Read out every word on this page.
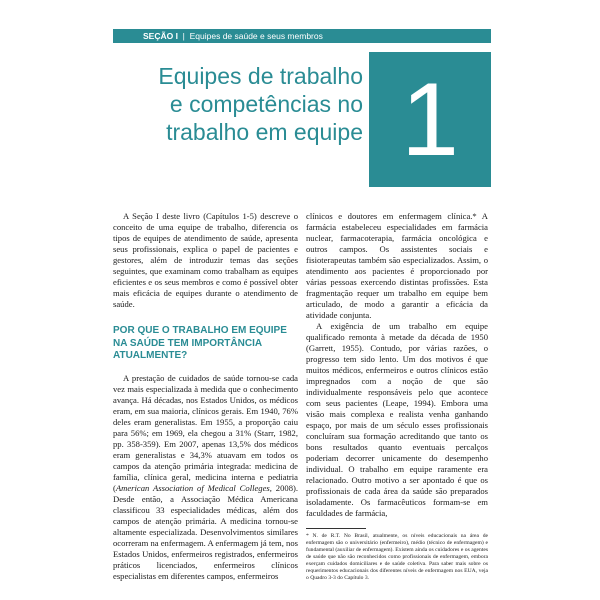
SEÇÃO I  |  Equipes de saúde e seus membros
Equipes de trabalho
e competências no
trabalho em equipe 1

A Seção I deste livro (Capítulos 1-5) descreve o conceito de uma equipe de trabalho, diferencia os tipos de equipes de atendimento de saúde, apresenta seus profissionais, explica o papel de pacientes e gestores, além de introduzir temas das seções seguintes, que examinam como trabalham as equipes eficientes e os seus membros e como é possível obter mais eficácia de equipes durante o atendimento de saúde.

POR QUE O TRABALHO EM EQUIPE
NA SAÚDE TEM IMPORTÂNCIA
ATUALMENTE?

A prestação de cuidados de saúde tornou-se cada vez mais especializada à medida que o conhecimento avança. Há décadas, nos Estados Unidos, os médicos eram, em sua maioria, clínicos gerais. Em 1940, 76% deles eram generalistas. Em 1955, a proporção caiu para 56%; em 1969, ela chegou a 31% (Starr, 1982, pp. 358-359). Em 2007, apenas 13,5% dos médicos eram generalistas e 34,3% atuavam em todos os campos da atenção primária integrada: medicina de família, clínica geral, medicina interna e pediatria (American Association of Medical Colleges, 2008). Desde então, a Associação Médica Americana classificou 33 especialidades médicas, além dos campos de atenção primária. A medicina tornou-se altamente especializada. Desenvolvimentos similares ocorreram na enfermagem. A enfermagem já tem, nos Estados Unidos, enfermeiros registrados, enfermeiros práticos licenciados, enfermeiros clínicos especialistas em diferentes campos, enfermeiros

clínicos e doutores em enfermagem clínica.* A farmácia estabeleceu especialidades em farmácia nuclear, farmacoterapia, farmácia oncológica e outros campos. Os assistentes sociais e fisioterapeutas também são especializados. Assim, o atendimento aos pacientes é proporcionado por várias pessoas exercendo distintas profissões. Esta fragmentação requer um trabalho em equipe bem articulado, de modo a garantir a eficácia da atividade conjunta.

A exigência de um trabalho em equipe qualificado remonta à metade da década de 1950 (Garrett, 1955). Contudo, por várias razões, o progresso tem sido lento. Um dos motivos é que muitos médicos, enfermeiros e outros clínicos estão impregnados com a noção de que são individualmente responsáveis pelo que acontece com seus pacientes (Leape, 1994). Embora uma visão mais complexa e realista venha ganhando espaço, por mais de um século esses profissionais concluíram sua formação acreditando que tanto os bons resultados quanto eventuais percalços poderiam decorrer unicamente do desempenho individual. O trabalho em equipe raramente era relacionado. Outro motivo a ser apontado é que os profissionais de cada área da saúde são preparados isoladamente. Os farmacêuticos formam-se em faculdades de farmácia,

* N. de R.T. No Brasil, atualmente, os níveis educacionais na área de enfermagem são o universitário (enfermeiro), médio (técnico de enfermagem) e fundamental (auxiliar de enfermagem). Existem ainda os cuidadores e os agentes de saúde que não são reconhecidos como profissionais de enfermagem, embora exerçam cuidados domiciliares e de saúde coletiva. Para saber mais sobre os requerimentos educacionais dos diferentes níveis de enfermagem nos EUA, veja o Quadro 3-3 do Capítulo 3.
